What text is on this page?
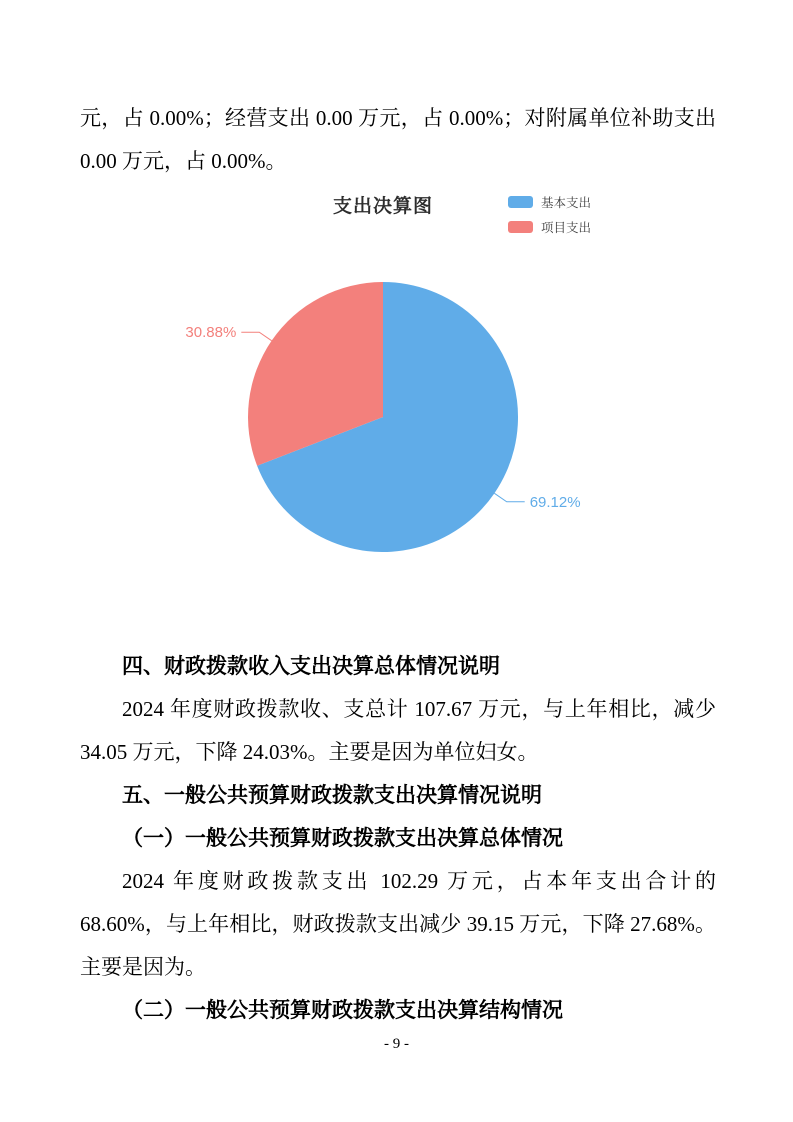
元，占 0.00%；经营支出 0.00 万元，占 0.00%；对附属单位补助支出 0.00 万元，占 0.00%。

支出决算图	基本支出
项目支出
69.12%
30.88%

四、财政拨款收入支出决算总体情况说明

2024 年度财政拨款收、支总计 107.67 万元，与上年相比，减少 34.05 万元，下降 24.03%。主要是因为单位妇女。

五、一般公共预算财政拨款支出决算情况说明

（一）一般公共预算财政拨款支出决算总体情况

2024 年度财政拨款支出 102.29 万元，占本年支出合计的68.60%，与上年相比，财政拨款支出减少 39.15 万元，下降 27.68%。主要是因为。

（二）一般公共预算财政拨款支出决算结构情况

- 9 -
